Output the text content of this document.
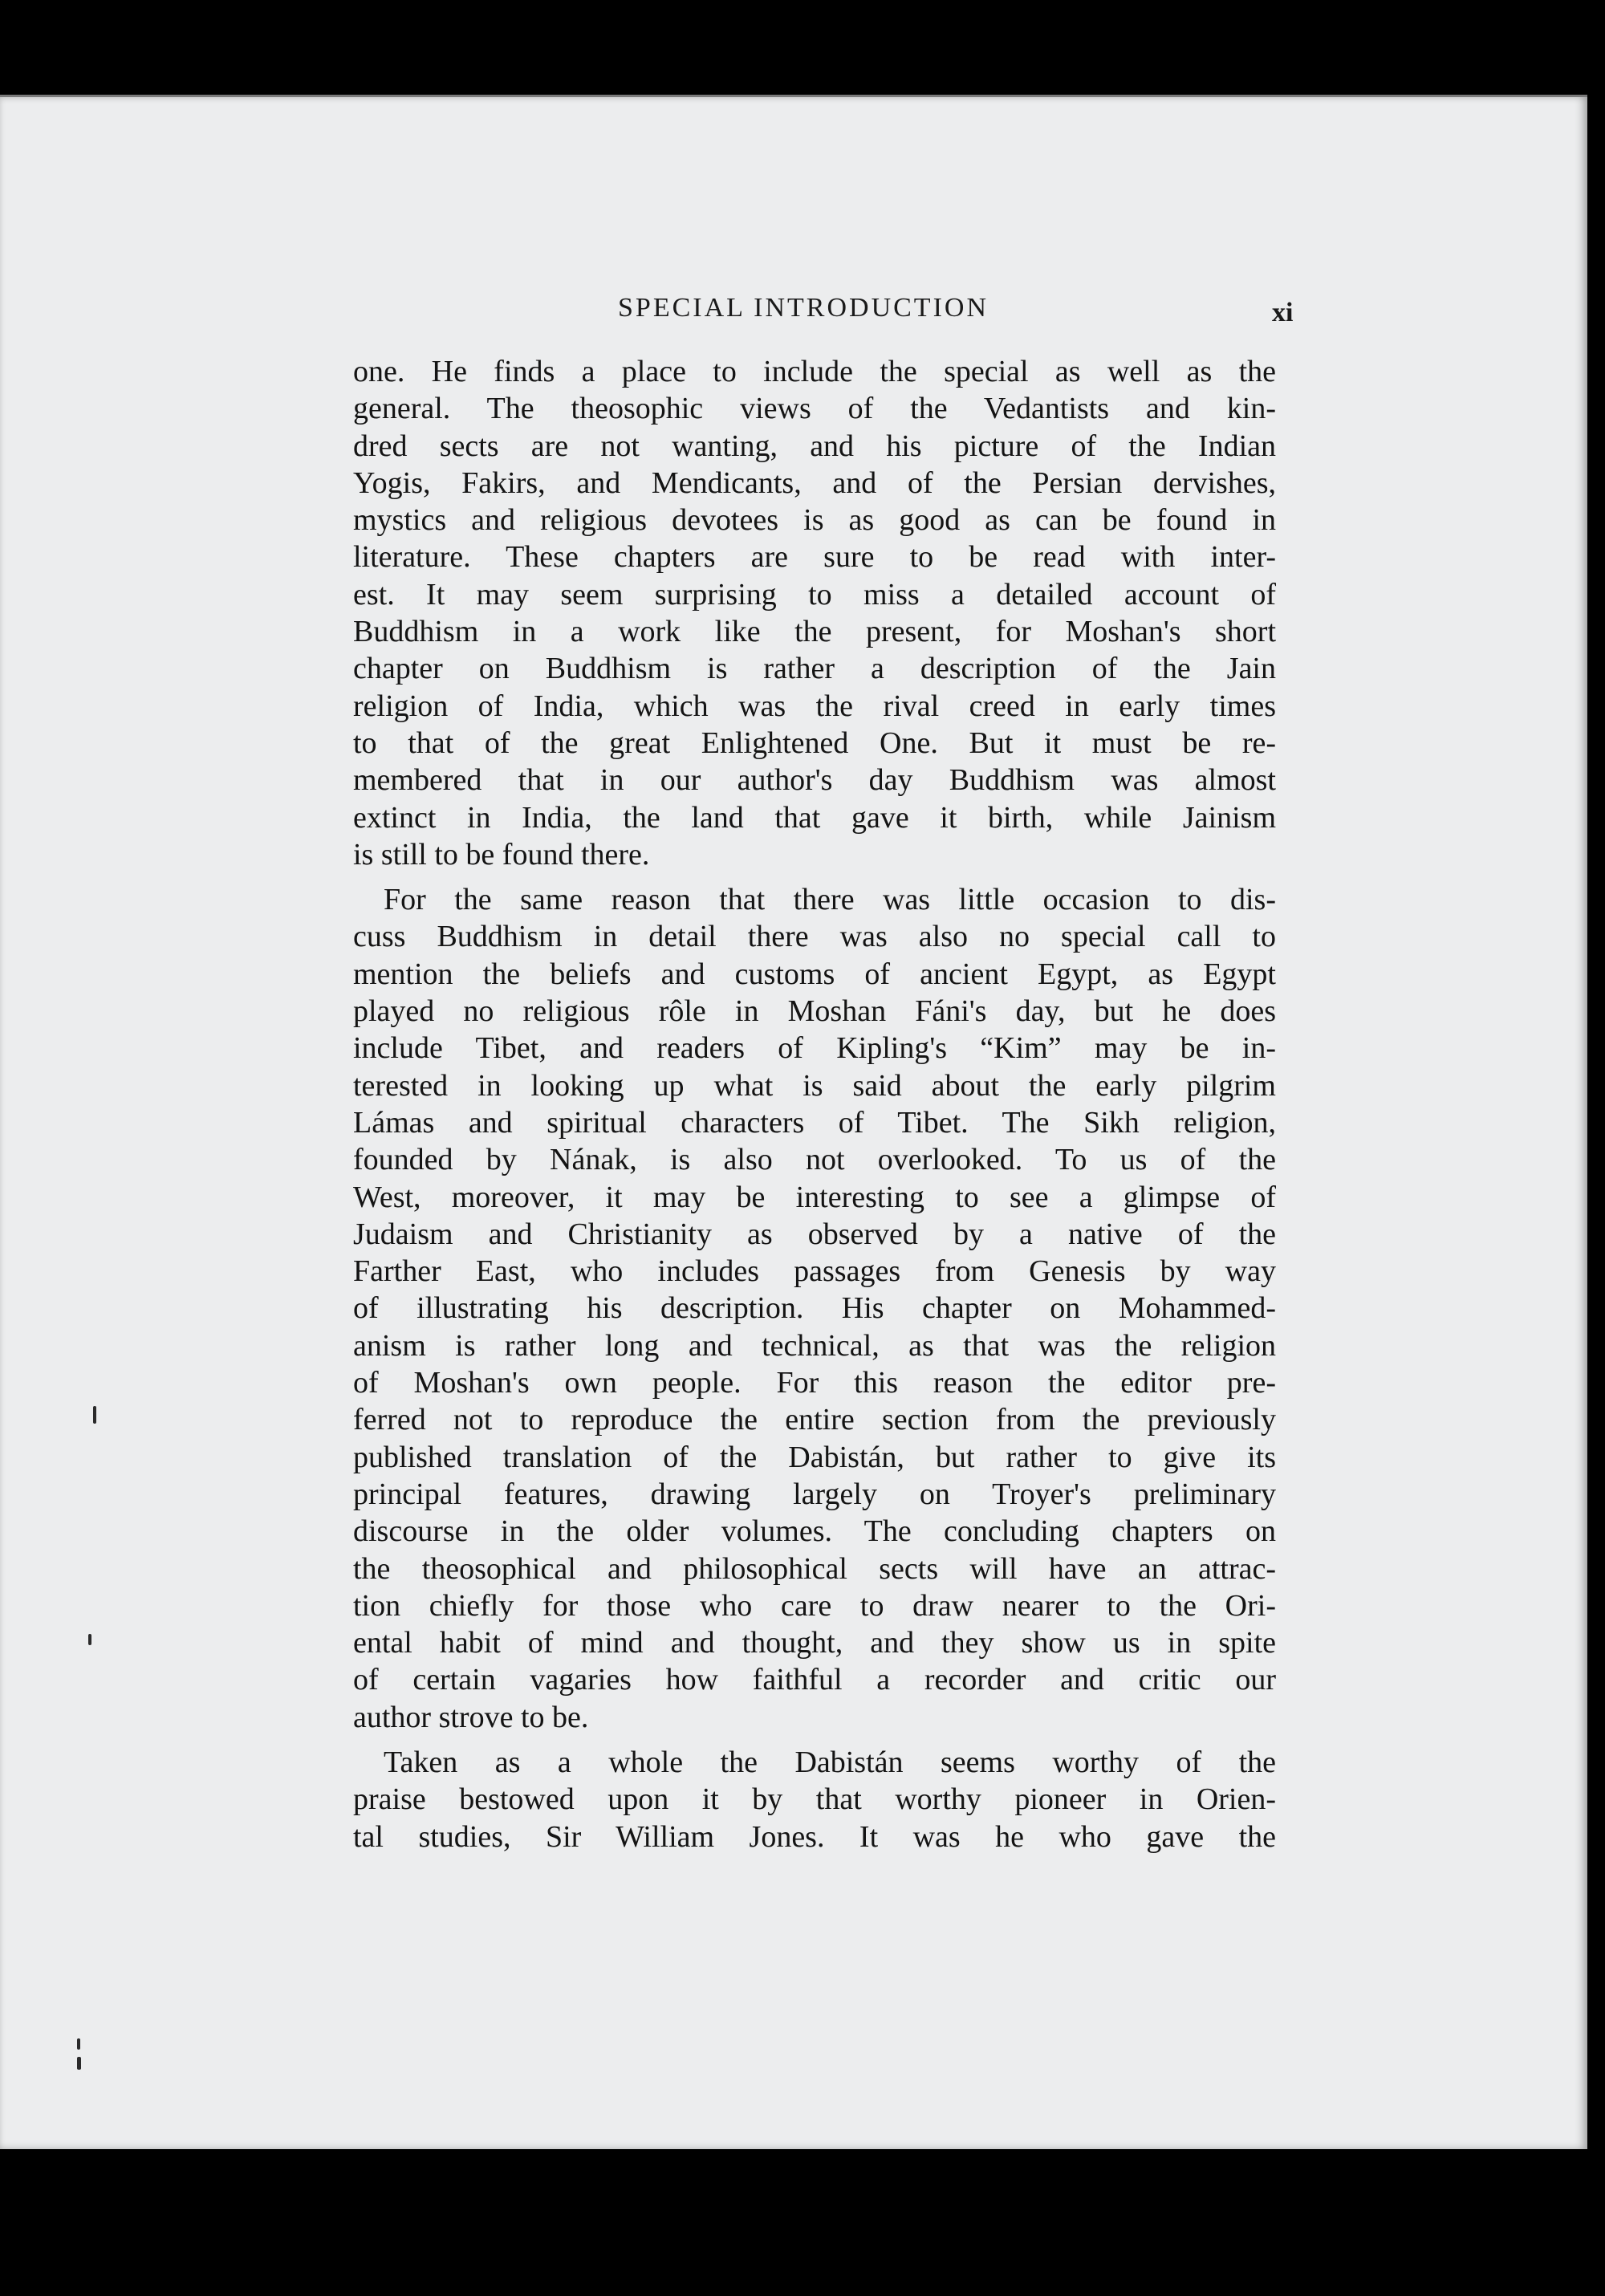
SPECIAL INTRODUCTION	xi
one. He finds a place to include the special as well as the
general. The theosophic views of the Vedantists and kin-
dred sects are not wanting, and his picture of the Indian
Yogis, Fakirs, and Mendicants, and of the Persian dervishes,
mystics and religious devotees is as good as can be found in
literature. These chapters are sure to be read with inter-
est. It may seem surprising to miss a detailed account of
Buddhism in a work like the present, for Moshan's short
chapter on Buddhism is rather a description of the Jain
religion of India, which was the rival creed in early times
to that of the great Enlightened One. But it must be re-
membered that in our author's day Buddhism was almost
extinct in India, the land that gave it birth, while Jainism
is still to be found there.
For the same reason that there was little occasion to dis-
cuss Buddhism in detail there was also no special call to
mention the beliefs and customs of ancient Egypt, as Egypt
played no religious rôle in Moshan Fáni's day, but he does
include Tibet, and readers of Kipling's “Kim” may be in-
terested in looking up what is said about the early pilgrim
Lámas and spiritual characters of Tibet. The Sikh religion,
founded by Nának, is also not overlooked. To us of the
West, moreover, it may be interesting to see a glimpse of
Judaism and Christianity as observed by a native of the
Farther East, who includes passages from Genesis by way
of illustrating his description. His chapter on Mohammed-
anism is rather long and technical, as that was the religion
of Moshan's own people. For this reason the editor pre-
ferred not to reproduce the entire section from the previously
published translation of the Dabistán, but rather to give its
principal features, drawing largely on Troyer's preliminary
discourse in the older volumes. The concluding chapters on
the theosophical and philosophical sects will have an attrac-
tion chiefly for those who care to draw nearer to the Ori-
ental habit of mind and thought, and they show us in spite
of certain vagaries how faithful a recorder and critic our
author strove to be.
Taken as a whole the Dabistán seems worthy of the
praise bestowed upon it by that worthy pioneer in Orien-
tal studies, Sir William Jones. It was he who gave the
